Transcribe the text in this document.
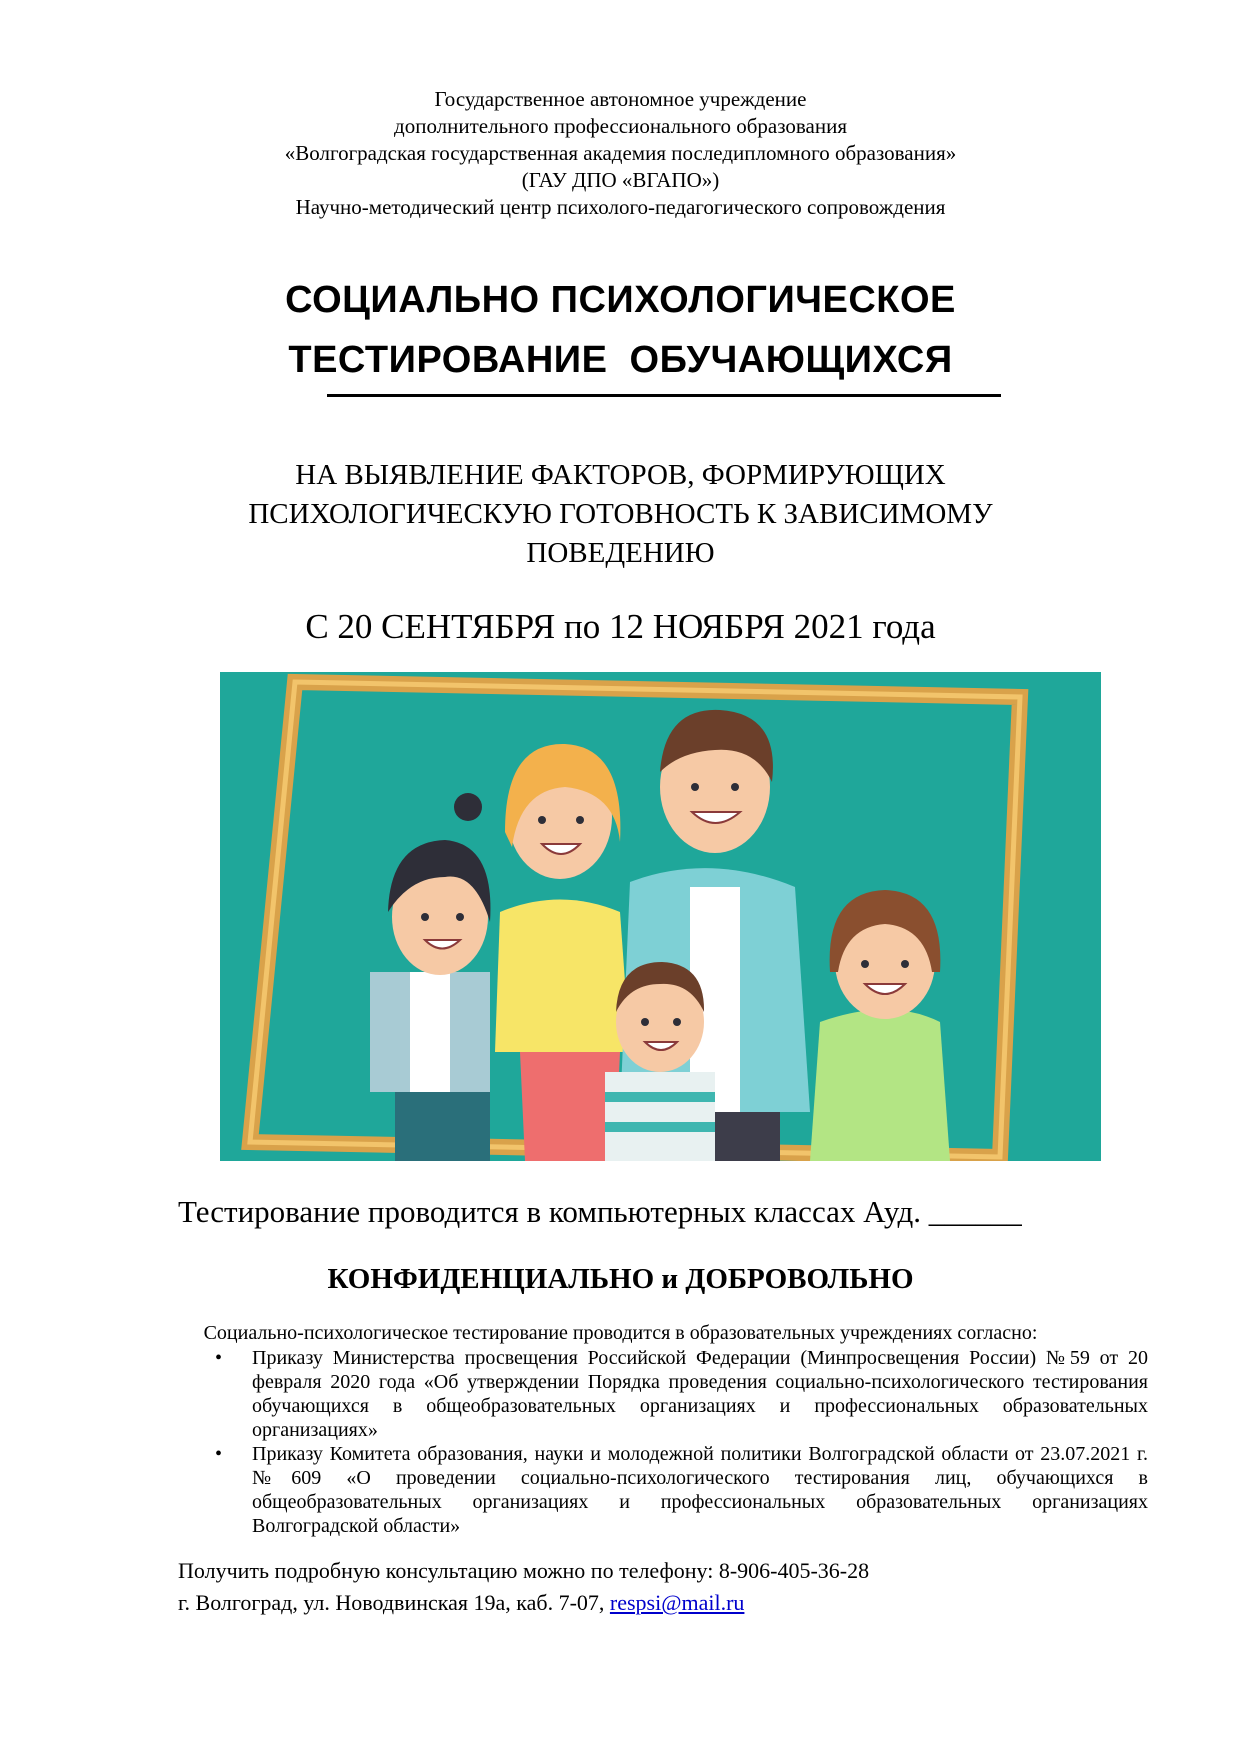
Государственное автономное учреждение
дополнительного профессионального образования
«Волгоградская государственная академия последипломного образования»
(ГАУ ДПО «ВГАПО»)
Научно-методический центр психолого-педагогического сопровождения
СОЦИАЛЬНО ПСИХОЛОГИЧЕСКОЕ
ТЕСТИРОВАНИЕ  ОБУЧАЮЩИХСЯ
НА ВЫЯВЛЕНИЕ ФАКТОРОВ, ФОРМИРУЮЩИХ
ПСИХОЛОГИЧЕСКУЮ ГОТОВНОСТЬ К ЗАВИСИМОМУ
ПОВЕДЕНИЮ
С 20 СЕНТЯБРЯ по 12 НОЯБРЯ 2021 года
Тестирование проводится в компьютерных классах Ауд. ______
КОНФИДЕНЦИАЛЬНО и ДОБРОВОЛЬНО
Социально-психологическое тестирование проводится в образовательных учреждениях согласно:
• Приказу Министерства просвещения Российской Федерации (Минпросвещения России) №59 от 20 февраля 2020 года «Об утверждении Порядка проведения социально-психологического тестирования обучающихся в общеобразовательных организациях и профессиональных образовательных организациях»
• Приказу Комитета образования, науки и молодежной политики Волгоградской области от 23.07.2021 г. №609 «О проведении социально-психологического тестирования лиц, обучающихся в общеобразовательных организациях и профессиональных образовательных организациях Волгоградской области»
Получить подробную консультацию можно по телефону: 8-906-405-36-28
г. Волгоград, ул. Новодвинская 19а, каб. 7-07, respsi@mail.ru
